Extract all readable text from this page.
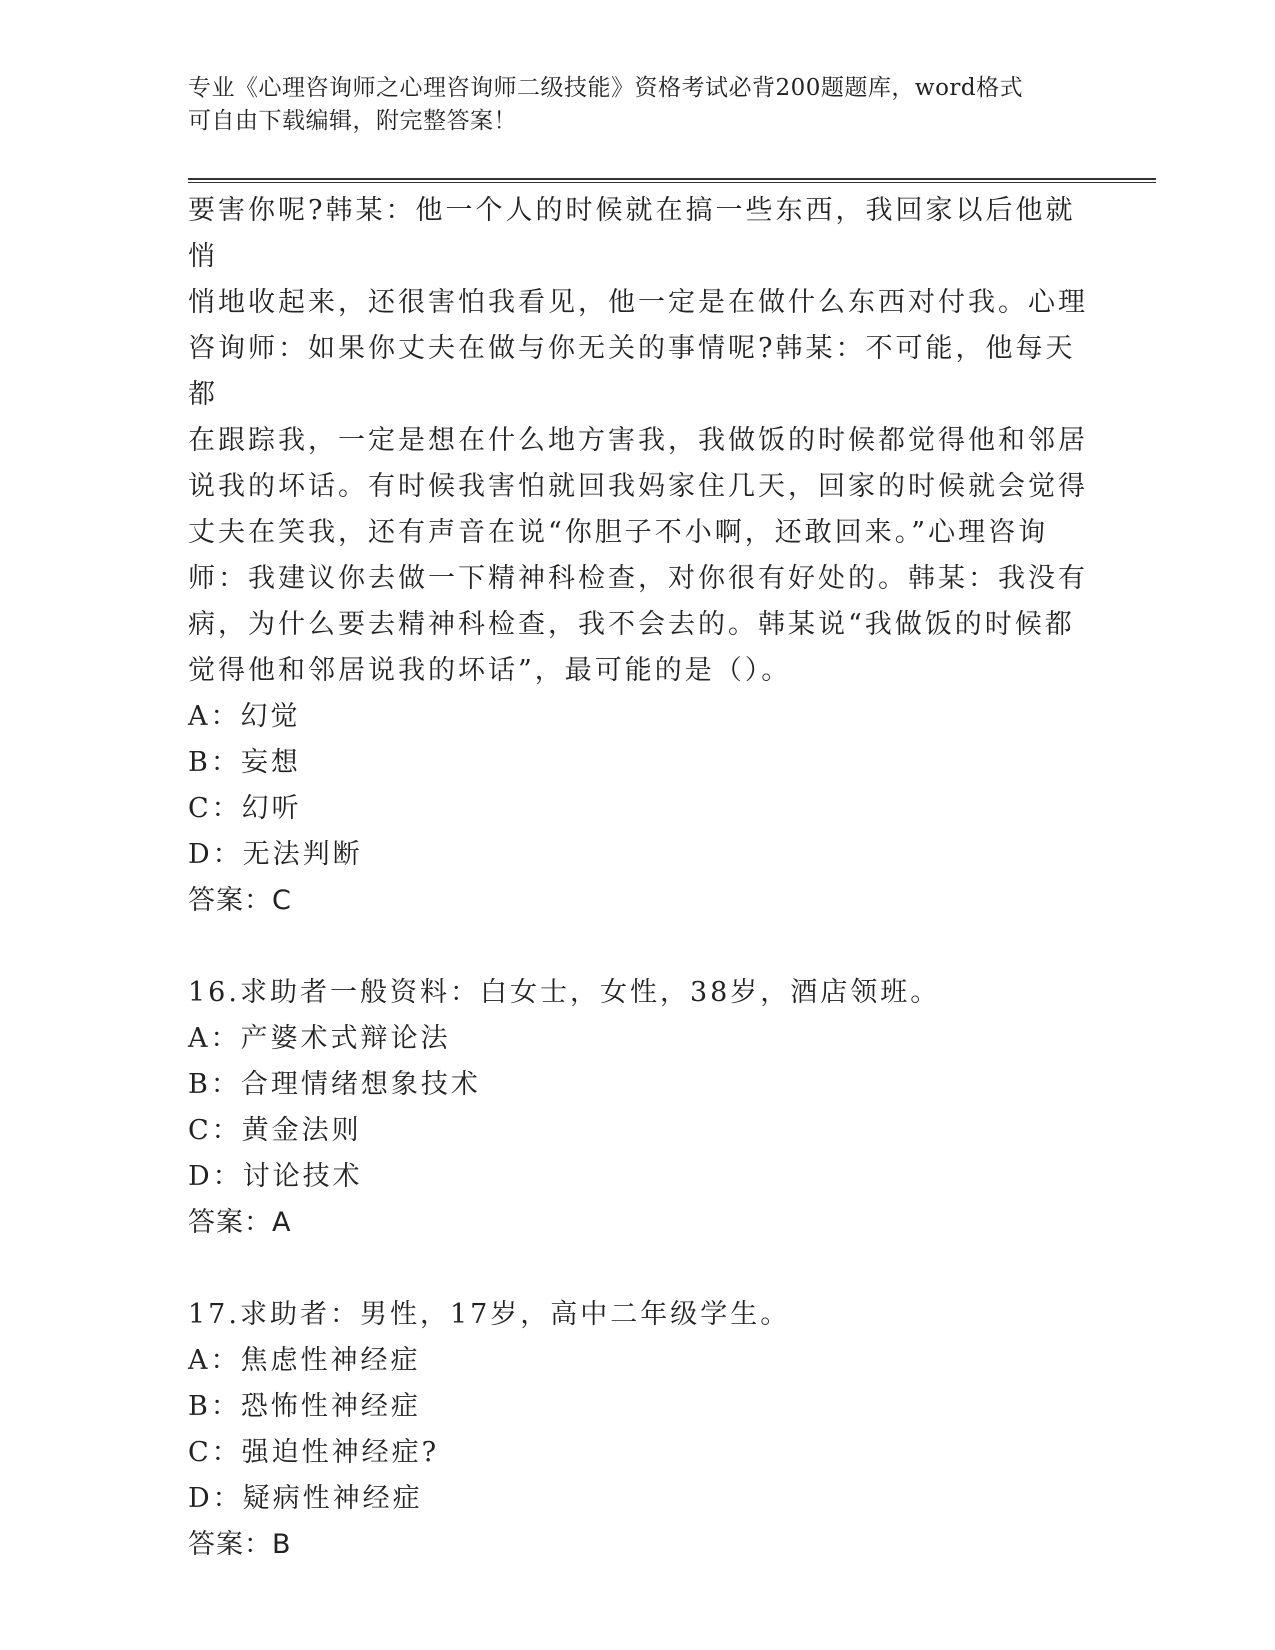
专业《心理咨询师之心理咨询师二级技能》资格考试必背200题题库，word格式
可自由下载编辑，附完整答案！

要害你呢?韩某：他一个人的时候就在搞一些东西，我回家以后他就悄

悄地收起来，还很害怕我看见，他一定是在做什么东西对付我。心理

咨询师：如果你丈夫在做与你无关的事情呢?韩某：不可能，他每天都

在跟踪我，一定是想在什么地方害我，我做饭的时候都觉得他和邻居

说我的坏话。有时候我害怕就回我妈家住几天，回家的时候就会觉得

丈夫在笑我，还有声音在说“你胆子不小啊，还敢回来。”心理咨询

师：我建议你去做一下精神科检查，对你很有好处的。韩某：我没有

病，为什么要去精神科检查，我不会去的。韩某说“我做饭的时候都

觉得他和邻居说我的坏话”，最可能的是（）。

A：幻觉

B：妄想

C：幻听

D：无法判断

答案：C

16.求助者一般资料：白女士，女性，38岁，酒店领班。

A：产婆术式辩论法

B：合理情绪想象技术

C：黄金法则

D：讨论技术

答案：A

17.求助者：男性，17岁，高中二年级学生。

A：焦虑性神经症

B：恐怖性神经症

C：强迫性神经症?

D：疑病性神经症

答案：B
